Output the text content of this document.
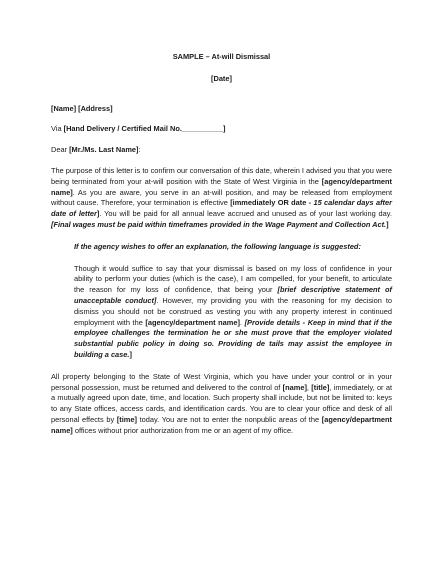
SAMPLE – At-will Dismissal

[Date]

[Name] [Address]

Via [Hand Delivery / Certified Mail No.__________]

Dear [Mr./Ms. Last Name]:

The purpose of this letter is to confirm our conversation of this date, wherein I advised you that you were being terminated from your at-will position with the State of West Virginia in the [agency/department name]. As you are aware, you serve in an at-will position, and may be released from employment without cause. Therefore, your termination is effective [immediately OR date - 15 calendar days after date of letter]. You will be paid for all annual leave accrued and unused as of your last working day. [Final wages must be paid within timeframes provided in the Wage Payment and Collection Act.]

If the agency wishes to offer an explanation, the following language is suggested:

Though it would suffice to say that your dismissal is based on my loss of confidence in your ability to perform your duties (which is the case), I am compelled, for your benefit, to articulate the reason for my loss of confidence, that being your [brief descriptive statement of unacceptable conduct]. However, my providing you with the reasoning for my decision to dismiss you should not be construed as vesting you with any property interest in continued employment with the [agency/department name]. [Provide details - Keep in mind that if the employee challenges the termination he or she must prove that the employer violated substantial public policy in doing so. Providing de tails may assist the employee in building a case.]

All property belonging to the State of West Virginia, which you have under your control or in your personal possession, must be returned and delivered to the control of [name], [title], immediately, or at a mutually agreed upon date, time, and location. Such property shall include, but not be limited to: keys to any State offices, access cards, and identification cards. You are to clear your office and desk of all personal effects by [time] today. You are not to enter the nonpublic areas of the [agency/department name] offices without prior authorization from me or an agent of my office.
